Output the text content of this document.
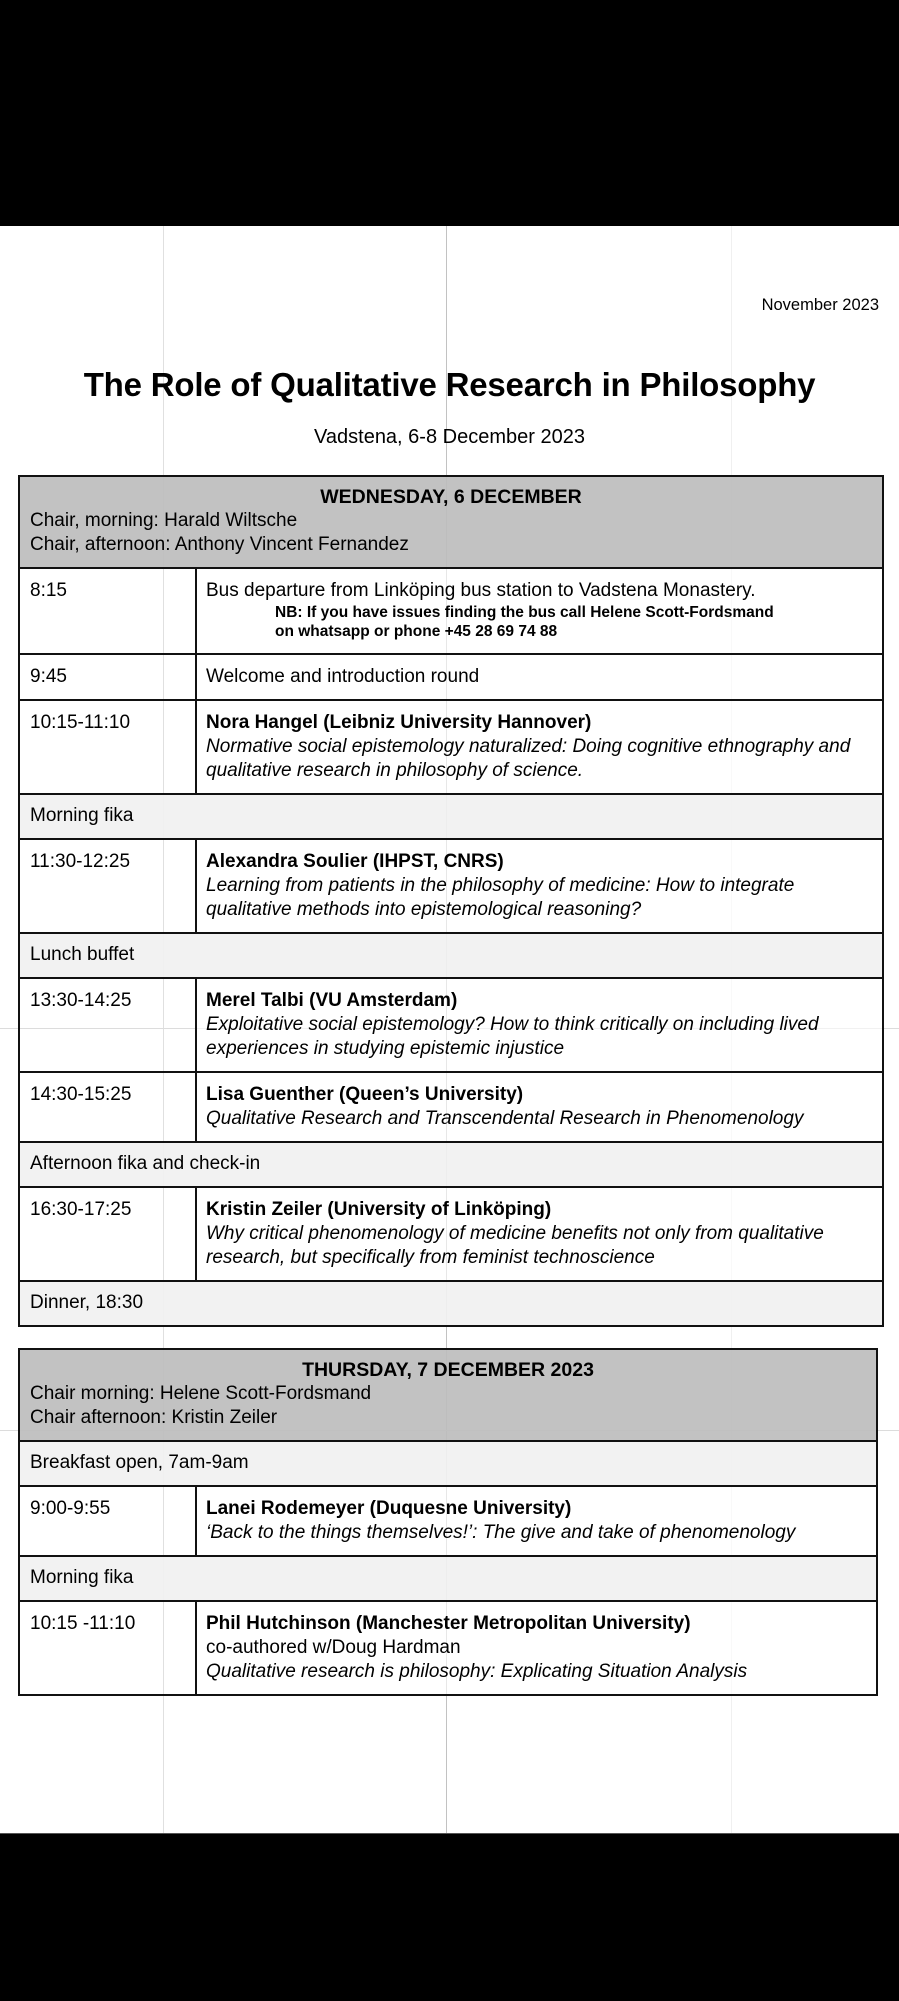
November 2023
The Role of Qualitative Research in Philosophy
Vadstena, 6-8 December 2023
WEDNESDAY, 6 DECEMBER
Chair, morning: Harald Wiltsche
Chair, afternoon: Anthony Vincent Fernandez	

8:15	Bus departure from Linköping bus station to Vadstena Monastery.
NB: If you have issues finding the bus call Helene Scott-Fordsmand
on whatsapp or phone +45 28 69 74 88

9:45	Welcome and introduction round

10:15-11:10	Nora Hangel (Leibniz University Hannover)
Normative social epistemology naturalized: Doing cognitive ethnography and qualitative research in philosophy of science.

Morning fika	
11:30-12:25	Alexandra Soulier (IHPST, CNRS)
Learning from patients in the philosophy of medicine: How to integrate qualitative methods into epistemological reasoning?

Lunch buffet	
13:30-14:25	Merel Talbi (VU Amsterdam)
Exploitative social epistemology? How to think critically on including lived experiences in studying epistemic injustice

14:30-15:25	Lisa Guenther (Queen’s University)
Qualitative Research and Transcendental Research in Phenomenology

Afternoon fika and check-in	
16:30-17:25	Kristin Zeiler (University of Linköping)
Why critical phenomenology of medicine benefits not only from qualitative research, but specifically from feminist technoscience

Dinner, 18:30	
THURSDAY, 7 DECEMBER 2023
Chair morning: Helene Scott-Fordsmand
Chair afternoon: Kristin Zeiler	

Breakfast open, 7am-9am	
9:00-9:55	Lanei Rodemeyer (Duquesne University)
‘Back to the things themselves!’: The give and take of phenomenology

Morning fika	
10:15 -11:10	Phil Hutchinson (Manchester Metropolitan University)
co-authored w/Doug Hardman
Qualitative research is philosophy: Explicating Situation Analysis
